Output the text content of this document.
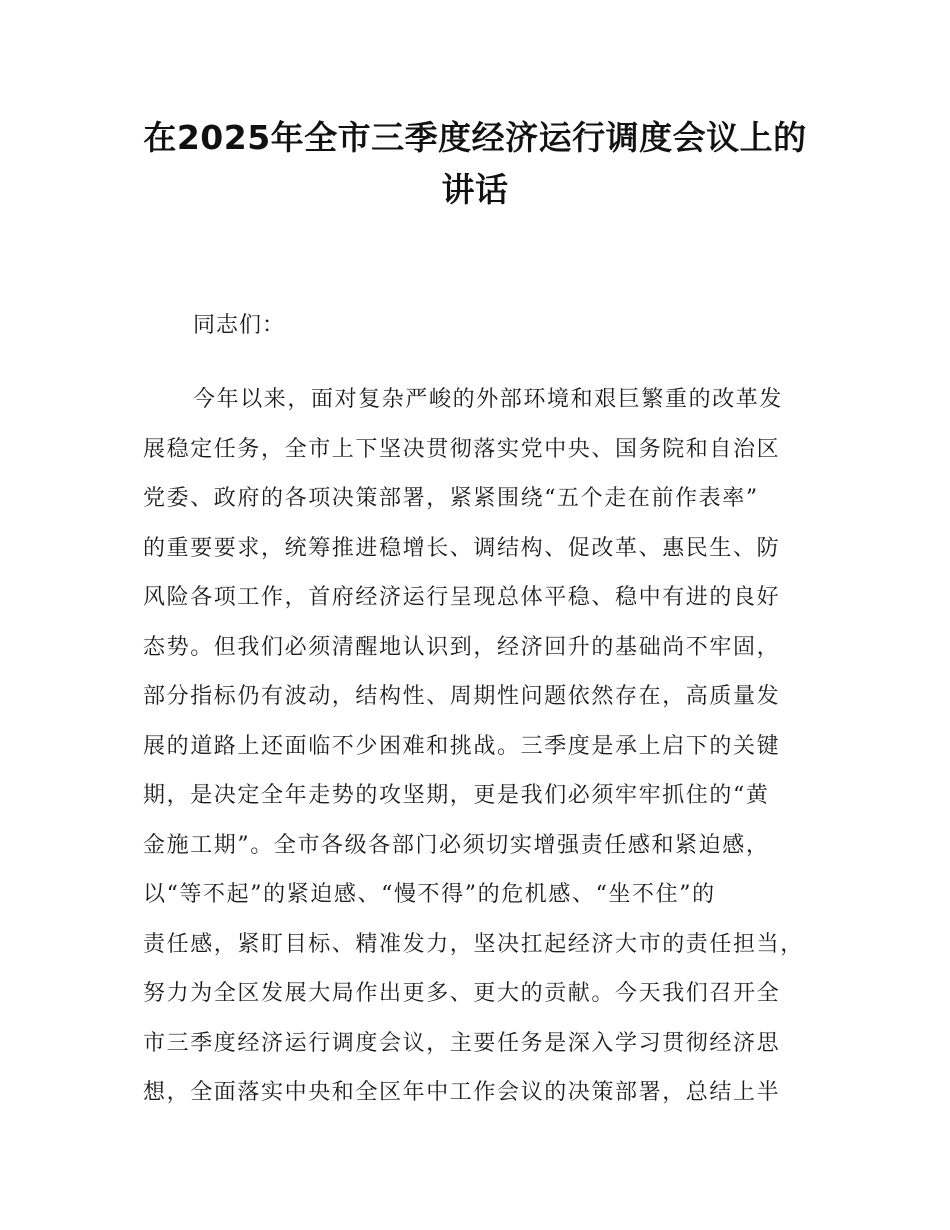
在2025年全市三季度经济运行调度会议上的
讲话

同志们：

今年以来，面对复杂严峻的外部环境和艰巨繁重的改革发
展稳定任务，全市上下坚决贯彻落实党中央、国务院和自治区
党委、政府的各项决策部署，紧紧围绕“五个走在前作表率”
的重要要求，统筹推进稳增长、调结构、促改革、惠民生、防
风险各项工作，首府经济运行呈现总体平稳、稳中有进的良好
态势。但我们必须清醒地认识到，经济回升的基础尚不牢固，
部分指标仍有波动，结构性、周期性问题依然存在，高质量发
展的道路上还面临不少困难和挑战。三季度是承上启下的关键
期，是决定全年走势的攻坚期，更是我们必须牢牢抓住的“黄
金施工期”。全市各级各部门必须切实增强责任感和紧迫感，
以“等不起”的紧迫感、“慢不得”的危机感、“坐不住”的
责任感，紧盯目标、精准发力，坚决扛起经济大市的责任担当，
努力为全区发展大局作出更多、更大的贡献。今天我们召开全
市三季度经济运行调度会议，主要任务是深入学习贯彻经济思
想，全面落实中央和全区年中工作会议的决策部署，总结上半
